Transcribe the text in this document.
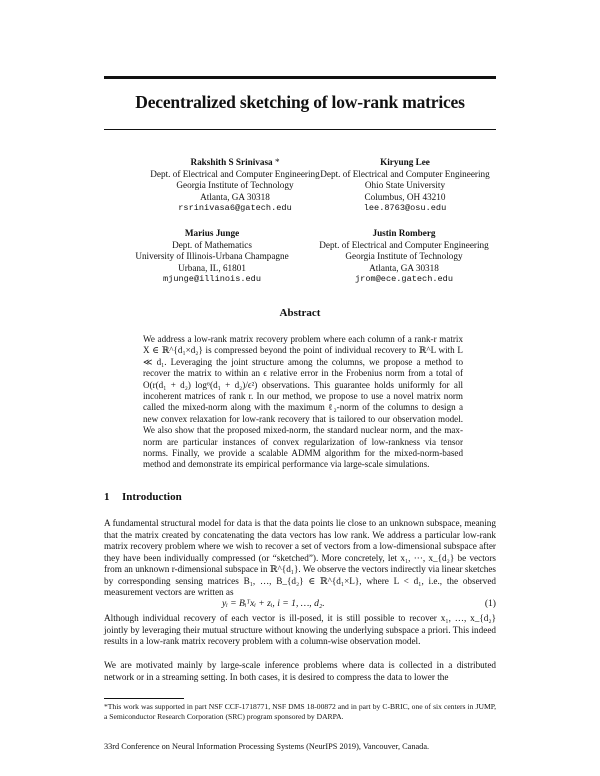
Decentralized sketching of low-rank matrices
Rakshith S Srinivasa *
Dept. of Electrical and Computer Engineering
Georgia Institute of Technology
Atlanta, GA 30318
rsrinivasa6@gatech.edu
Kiryung Lee
Dept. of Electrical and Computer Engineering
Ohio State University
Columbus, OH 43210
lee.8763@osu.edu
Marius Junge
Dept. of Mathematics
University of Illinois-Urbana Champagne
Urbana, IL, 61801
mjunge@illinois.edu
Justin Romberg
Dept. of Electrical and Computer Engineering
Georgia Institute of Technology
Atlanta, GA 30318
jrom@ece.gatech.edu
Abstract
We address a low-rank matrix recovery problem where each column of a rank-r matrix X ∈ ℝ^{d₁×d₂} is compressed beyond the point of individual recovery to ℝ^L with L ≪ d₁. Leveraging the joint structure among the columns, we propose a method to recover the matrix to within an ϵ relative error in the Frobenius norm from a total of O(r(d₁ + d₂) log⁶(d₁ + d₂)/ϵ²) observations. This guarantee holds uniformly for all incoherent matrices of rank r. In our method, we propose to use a novel matrix norm called the mixed-norm along with the maximum ℓ₂-norm of the columns to design a new convex relaxation for low-rank recovery that is tailored to our observation model. We also show that the proposed mixed-norm, the standard nuclear norm, and the max-norm are particular instances of convex regularization of low-rankness via tensor norms. Finally, we provide a scalable ADMM algorithm for the mixed-norm-based method and demonstrate its empirical performance via large-scale simulations.
1 Introduction
A fundamental structural model for data is that the data points lie close to an unknown subspace, meaning that the matrix created by concatenating the data vectors has low rank. We address a particular low-rank matrix recovery problem where we wish to recover a set of vectors from a low-dimensional subspace after they have been individually compressed (or “sketched”). More concretely, let x₁, ···, x_{d₂} be vectors from an unknown r-dimensional subspace in ℝ^{d₁}. We observe the vectors indirectly via linear sketches by corresponding sensing matrices B₁, …, B_{d₂} ∈ ℝ^{d₁×L}, where L < d₁, i.e., the observed measurement vectors are written as
yᵢ = Bᵢᵀxᵢ + zᵢ, i = 1, …, d₂.	(1)
Although individual recovery of each vector is ill-posed, it is still possible to recover x₁, …, x_{d₂} jointly by leveraging their mutual structure without knowing the underlying subspace a priori. This indeed results in a low-rank matrix recovery problem with a column-wise observation model.
We are motivated mainly by large-scale inference problems where data is collected in a distributed network or in a streaming setting. In both cases, it is desired to compress the data to lower the
*This work was supported in part NSF CCF-1718771, NSF DMS 18-00872 and in part by C-BRIC, one of six centers in JUMP, a Semiconductor Research Corporation (SRC) program sponsored by DARPA.
33rd Conference on Neural Information Processing Systems (NeurIPS 2019), Vancouver, Canada.
